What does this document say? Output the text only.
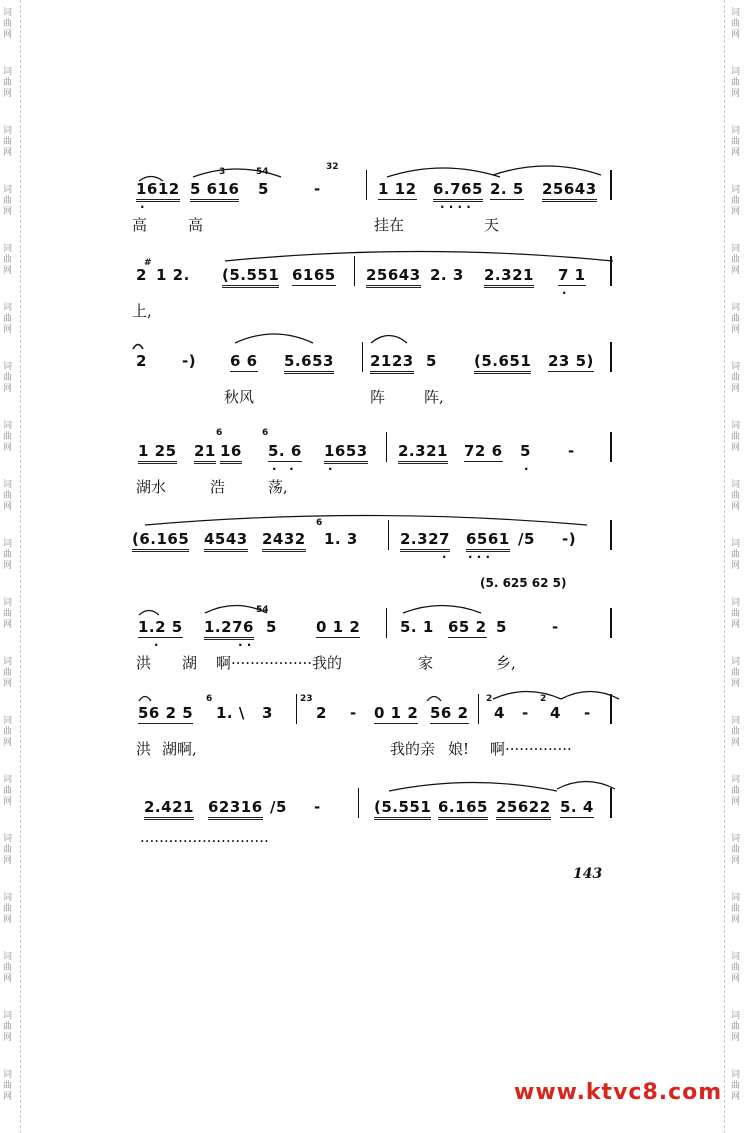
词
曲
网
词
曲
网
词
曲
网
词
曲
网
词
曲
网
词
曲
网
词
曲
网
词
曲
网
词
曲
网
词
曲
网
词
曲
网
词
曲
网
词
曲
网
词
曲
网
词
曲
网
词
曲
网
词
曲
网
词
曲
网
词
曲
网
词
曲
网
词
曲
网
词
曲
网
词
曲
网
词
曲
网
词
曲
网
词
曲
网
词
曲
网
词
曲
网
词
曲
网
词
曲
网
词
曲
网
词
曲
网
词
曲
网
词
曲
网
词
曲
网
词
曲
网
词
曲
网
词
曲
网
3	54	32
1612 5 616 5	-	1 12 6.765 2. 5 25643
·	· · · ·
高	高	挂在	天
#
2 1 2. (5.551 6165 25643 2. 3 2.321 7 1
·
上,
2 -) 6 6 5.653 2123 5 (5.651 23 5)
秋风	阵	阵,
6	6
1 25 21 16 5. 6 1653 2.321 72 6 5 -
·   ·	·	·
湖水	浩	荡,
6
(6.165 4543 2432 1. 3	2.327 6561 /5 -)
· · · ·
(5. 625 62 5)
54
1.2 5 1.276 5	0 1 2	5. 1 65 2 5	-
·	· ·
洪 湖 啊·················我的	家	乡,
6	23	2	2
56 2 5 1. \ 3	2 - 0 1 2 56 2 4 - 4 -
洪 湖啊,	我的亲 娘! 啊··············
2.421 62316 /5 -	(5.551 6.165 25622 5. 4
···························
143
www.ktvc8.com
